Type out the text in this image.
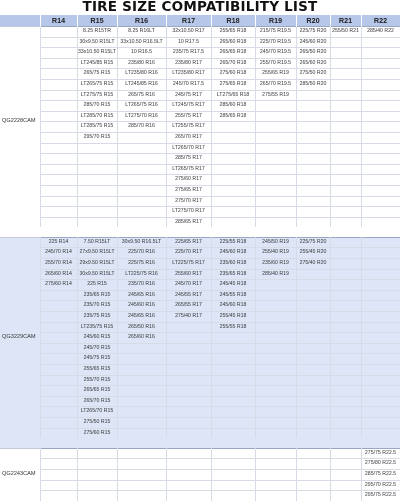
TIRE SIZE COMPATIBILITY LIST
	R14	R15	R16	R17	R18	R19	R20	R21	R22
QG2228CAM		8.25 R15TR	8.25 R16LT	32x10.50 R17	255/65 R18	215/75 R19.5	225/75 R20	255/50 R21	285/40 R22
		30x9.50 R15LT	33x10.50 R16.5LT	10 R17.5	265/60 R18	225/70 R19.5	245/60 R20		
		33x10.50 R15LT	10 R16.5	235/75 R17.5	265/65 R18	245/70 R19.5	265/50 R20		
		LT245/85 R15	235/80 R16	235/80 R17	265/70 R18	255/70 R19.5	265/60 R20		
		265/75 R15	LT235/80 R16	LT235/80 R17	275/60 R18	255/65 R19	275/50 R20		
		LT265/75 R15	LT245/85 R16	245/70 R17.5	275/65 R18	265/70 R19.5	285/50 R20		
		LT275/75 R15	265/75 R16	245/75 R17	LT275/65 R18	275/55 R19			
		285/70 R15	LT265/75 R16	LT245/75 R17	285/60 R18				
		LT285/70 R15	LT275/70 R16	255/75 R17	285/65 R18				
		LT285/75 R15	285/70 R16	LT255/75 R17					
		295/70 R15		265/70 R17					
				LT265/70 R17					
				285/75 R17					
				LT265/75 R17					
				275/60 R17					
				275/65 R17					
				275/70 R17					
				LT275/70 R17					
				285/65 R17					

QG3229CAM	225 R14	7.50 R15LT	30x9.50 R16.5LT	225/65 R17	225/55 R18	245/50 R19	225/75 R20		
	245/70 R14	27x9.50 R15LT	225/70 R16	225/70 R17	245/60 R18	255/40 R19	255/45 R20		
	255/70 R14	29x9.50 R15LT	225/75 R16	LT225/75 R17	235/60 R18	235/60 R19	275/40 R20		
	265/60 R14	30x9.50 R15LT	LT225/75 R16	255/60 R17	235/65 R18	285/40 R19			
	275/60 R14	225 R15	235/70 R16	245/70 R17	245/45 R18				
		235/65 R15	245/65 R16	245/55 R17	245/55 R18				
		235/70 R15	245/60 R16	265/55 R17	245/60 R18				
		235/75 R15	245/65 R16	275/40 R17	255/45 R18				
		LT235/75 R15	265/50 R16		255/55 R18				
		245/60 R15	265/60 R16						
		245/70 R15							
		245/75 R15							
		255/65 R15							
		255/70 R15							
		265/65 R15							
		265/70 R15							
		LT265/70 R15							
		275/50 R15							
		275/60 R15							

QG2243CAM									275/75 R22.5
									275/80 R22.5
									285/75 R22.5
									295/70 R22.5
									295/75 R22.5
